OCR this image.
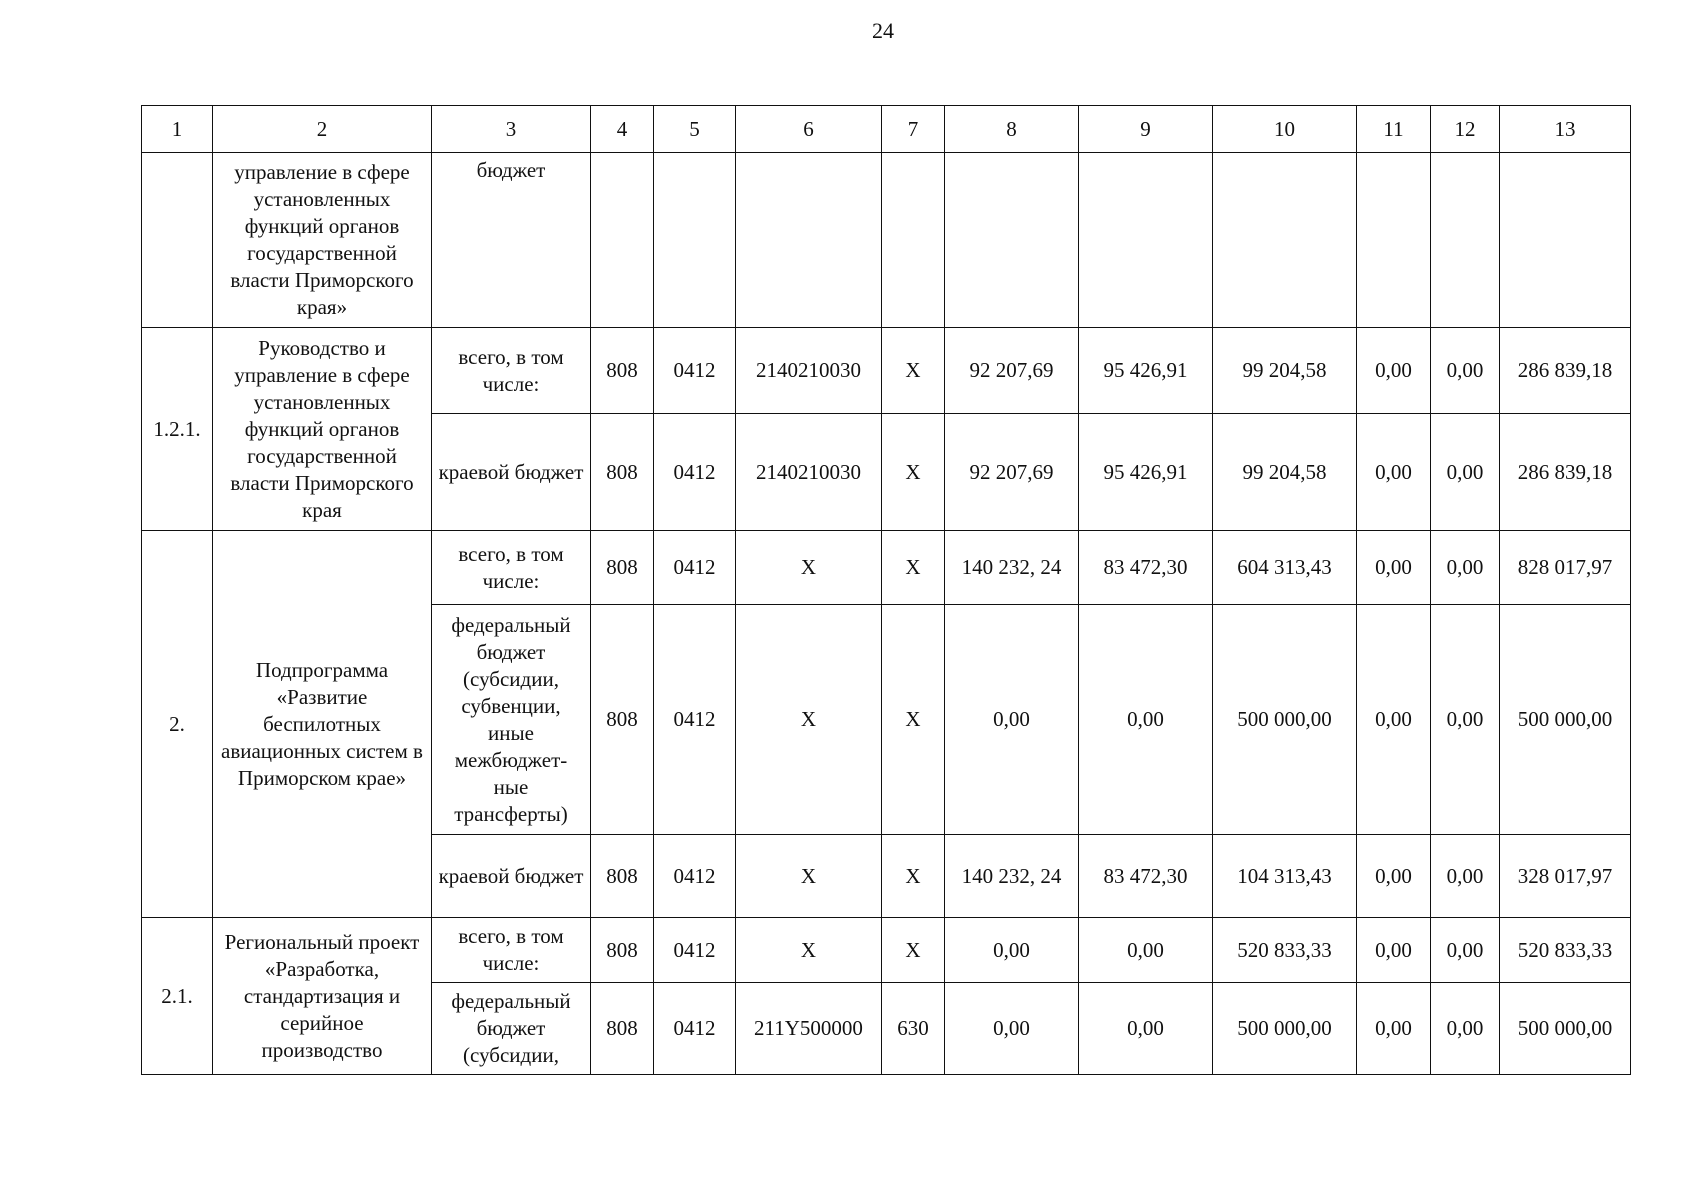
24
1	2	3	4	5	6	7	8	9	10	11	12	13
	управление в сфере установленных функций органов государственной власти Приморского края»	бюджет										
1.2.1.	Руководство и управление в сфере установленных функций органов государственной власти Приморского края	всего, в том числе:	808	0412	2140210030	X	92 207,69	95 426,91	99 204,58	0,00	0,00	286 839,18
		краевой бюджет	808	0412	2140210030	X	92 207,69	95 426,91	99 204,58	0,00	0,00	286 839,18
2.	Подпрограмма «Развитие беспилотных авиационных систем в Приморском крае»	всего, в том числе:	808	0412	X	X	140 232, 24	83 472,30	604 313,43	0,00	0,00	828 017,97
		федеральный бюджет (субсидии, субвенции, иные межбюджет-ные трансферты)	808	0412	X	X	0,00	0,00	500 000,00	0,00	0,00	500 000,00
		краевой бюджет	808	0412	X	X	140 232, 24	83 472,30	104 313,43	0,00	0,00	328 017,97
2.1.	Региональный проект «Разработка, стандартизация и серийное производство	всего, в том числе:	808	0412	X	X	0,00	0,00	520 833,33	0,00	0,00	520 833,33
		федеральный бюджет (субсидии,	808	0412	211Y500000	630	0,00	0,00	500 000,00	0,00	0,00	500 000,00
